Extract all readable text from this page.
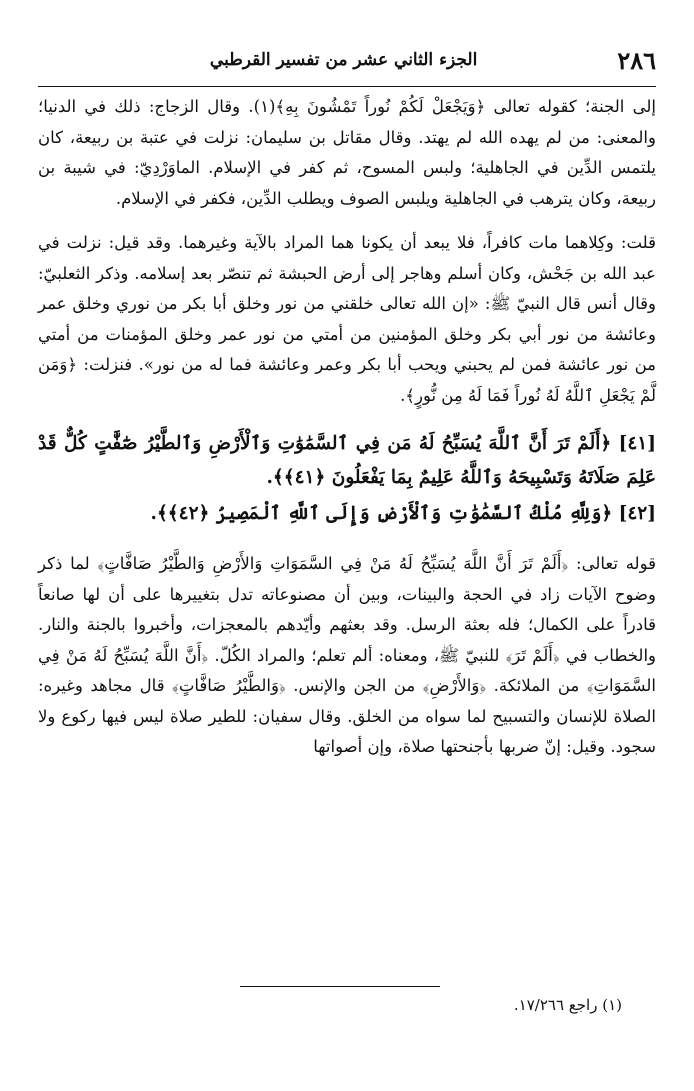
٢٨٦
الجزء الثاني عشر من تفسير القرطبي

إلى الجنة؛ كقوله تعالى ﴿وَيَجْعَلْ لَكُمْ نُوراً تَمْشُونَ بِهِ﴾(١). وقال الزجاج: ذلك في الدنيا؛ والمعنى: من لم يهده الله لم يهتد. وقال مقاتل بن سليمان: نزلت في عتبة بن ربيعة، كان يلتمس الدِّين في الجاهلية؛ ولبس المسوح، ثم كفر في الإسلام. الماوَرْدِيّ: في شيبة بن ربيعة، وكان يترهب في الجاهلية ويلبس الصوف ويطلب الدِّين، فكفر في الإسلام.

قلت: وكِلاهما مات كافراً، فلا يبعد أن يكونا هما المراد بالآية وغيرهما. وقد قيل: نزلت في عبد الله بن جَحْش، وكان أسلم وهاجر إلى أرض الحبشة ثم تنصّر بعد إسلامه. وذكر الثعلبيّ: وقال أنس قال النبيّ ﷺ: «إن الله تعالى خلقني من نور وخلق أبا بكر من نوري وخلق عمر وعائشة من نور أبي بكر وخلق المؤمنين من أمتي من نور عمر وخلق المؤمنات من أمتي من نور عائشة فمن لم يحبني ويحب أبا بكر وعمر وعائشة فما له من نور». فنزلت: ﴿وَمَن لَّمْ يَجْعَلِ ٱللَّهُ لَهُ نُوراً فَمَا لَهُ مِن نُّورٍ﴾.

[٤١] ﴿أَلَمْ تَرَ أَنَّ ٱللَّهَ يُسَبِّحُ لَهُ مَن فِي ٱلسَّمَٰوَٰتِ وَٱلْأَرْضِ وَٱلطَّيْرُ صَٰٓفَّٰتٍ كُلٌّ قَدْ عَلِمَ صَلَاتَهُ وَتَسْبِيحَهُ وَٱللَّهُ عَلِيمٌ بِمَا يَفْعَلُونَ ﴿٤١﴾﴾.

[٤٢] ﴿وَلِلَّهِ مُلْكُ ٱلسَّمَٰوَٰتِ وَٱلْأَرْضِ وَإِلَى ٱللَّهِ ٱلْمَصِيرُ ﴿٤٢﴾﴾.

قوله تعالى: ﴿أَلَمْ تَرَ أَنَّ اللَّهَ يُسَبِّحُ لَهُ مَنْ فِي السَّمَوَاتِ وَالأَرْضِ وَالطَّيْرُ صَافَّاتٍ﴾ لما ذكر وضوح الآيات زاد في الحجة والبينات، وبين أن مصنوعاته تدل بتغييرها على أن لها صانعاً قادراً على الكمال؛ فله بعثة الرسل. وقد بعثهم وأيّدهم بالمعجزات، وأخبروا بالجنة والنار. والخطاب في ﴿أَلَمْ تَرَ﴾ للنبيّ ﷺ، ومعناه: ألم تعلم؛ والمراد الكُلّ. ﴿أَنَّ اللَّهَ يُسَبِّحُ لَهُ مَنْ فِي السَّمَوَاتِ﴾ من الملائكة. ﴿وَالأَرْضِ﴾ من الجن والإنس. ﴿وَالطَّيْرُ صَافَّاتٍ﴾ قال مجاهد وغيره: الصلاة للإنسان والتسبيح لما سواه من الخلق. وقال سفيان: للطير صلاة ليس فيها ركوع ولا سجود. وقيل: إنّ ضربها بأجنحتها صلاة، وإن أصواتها

(١) راجع ١٧/٢٦٦.
